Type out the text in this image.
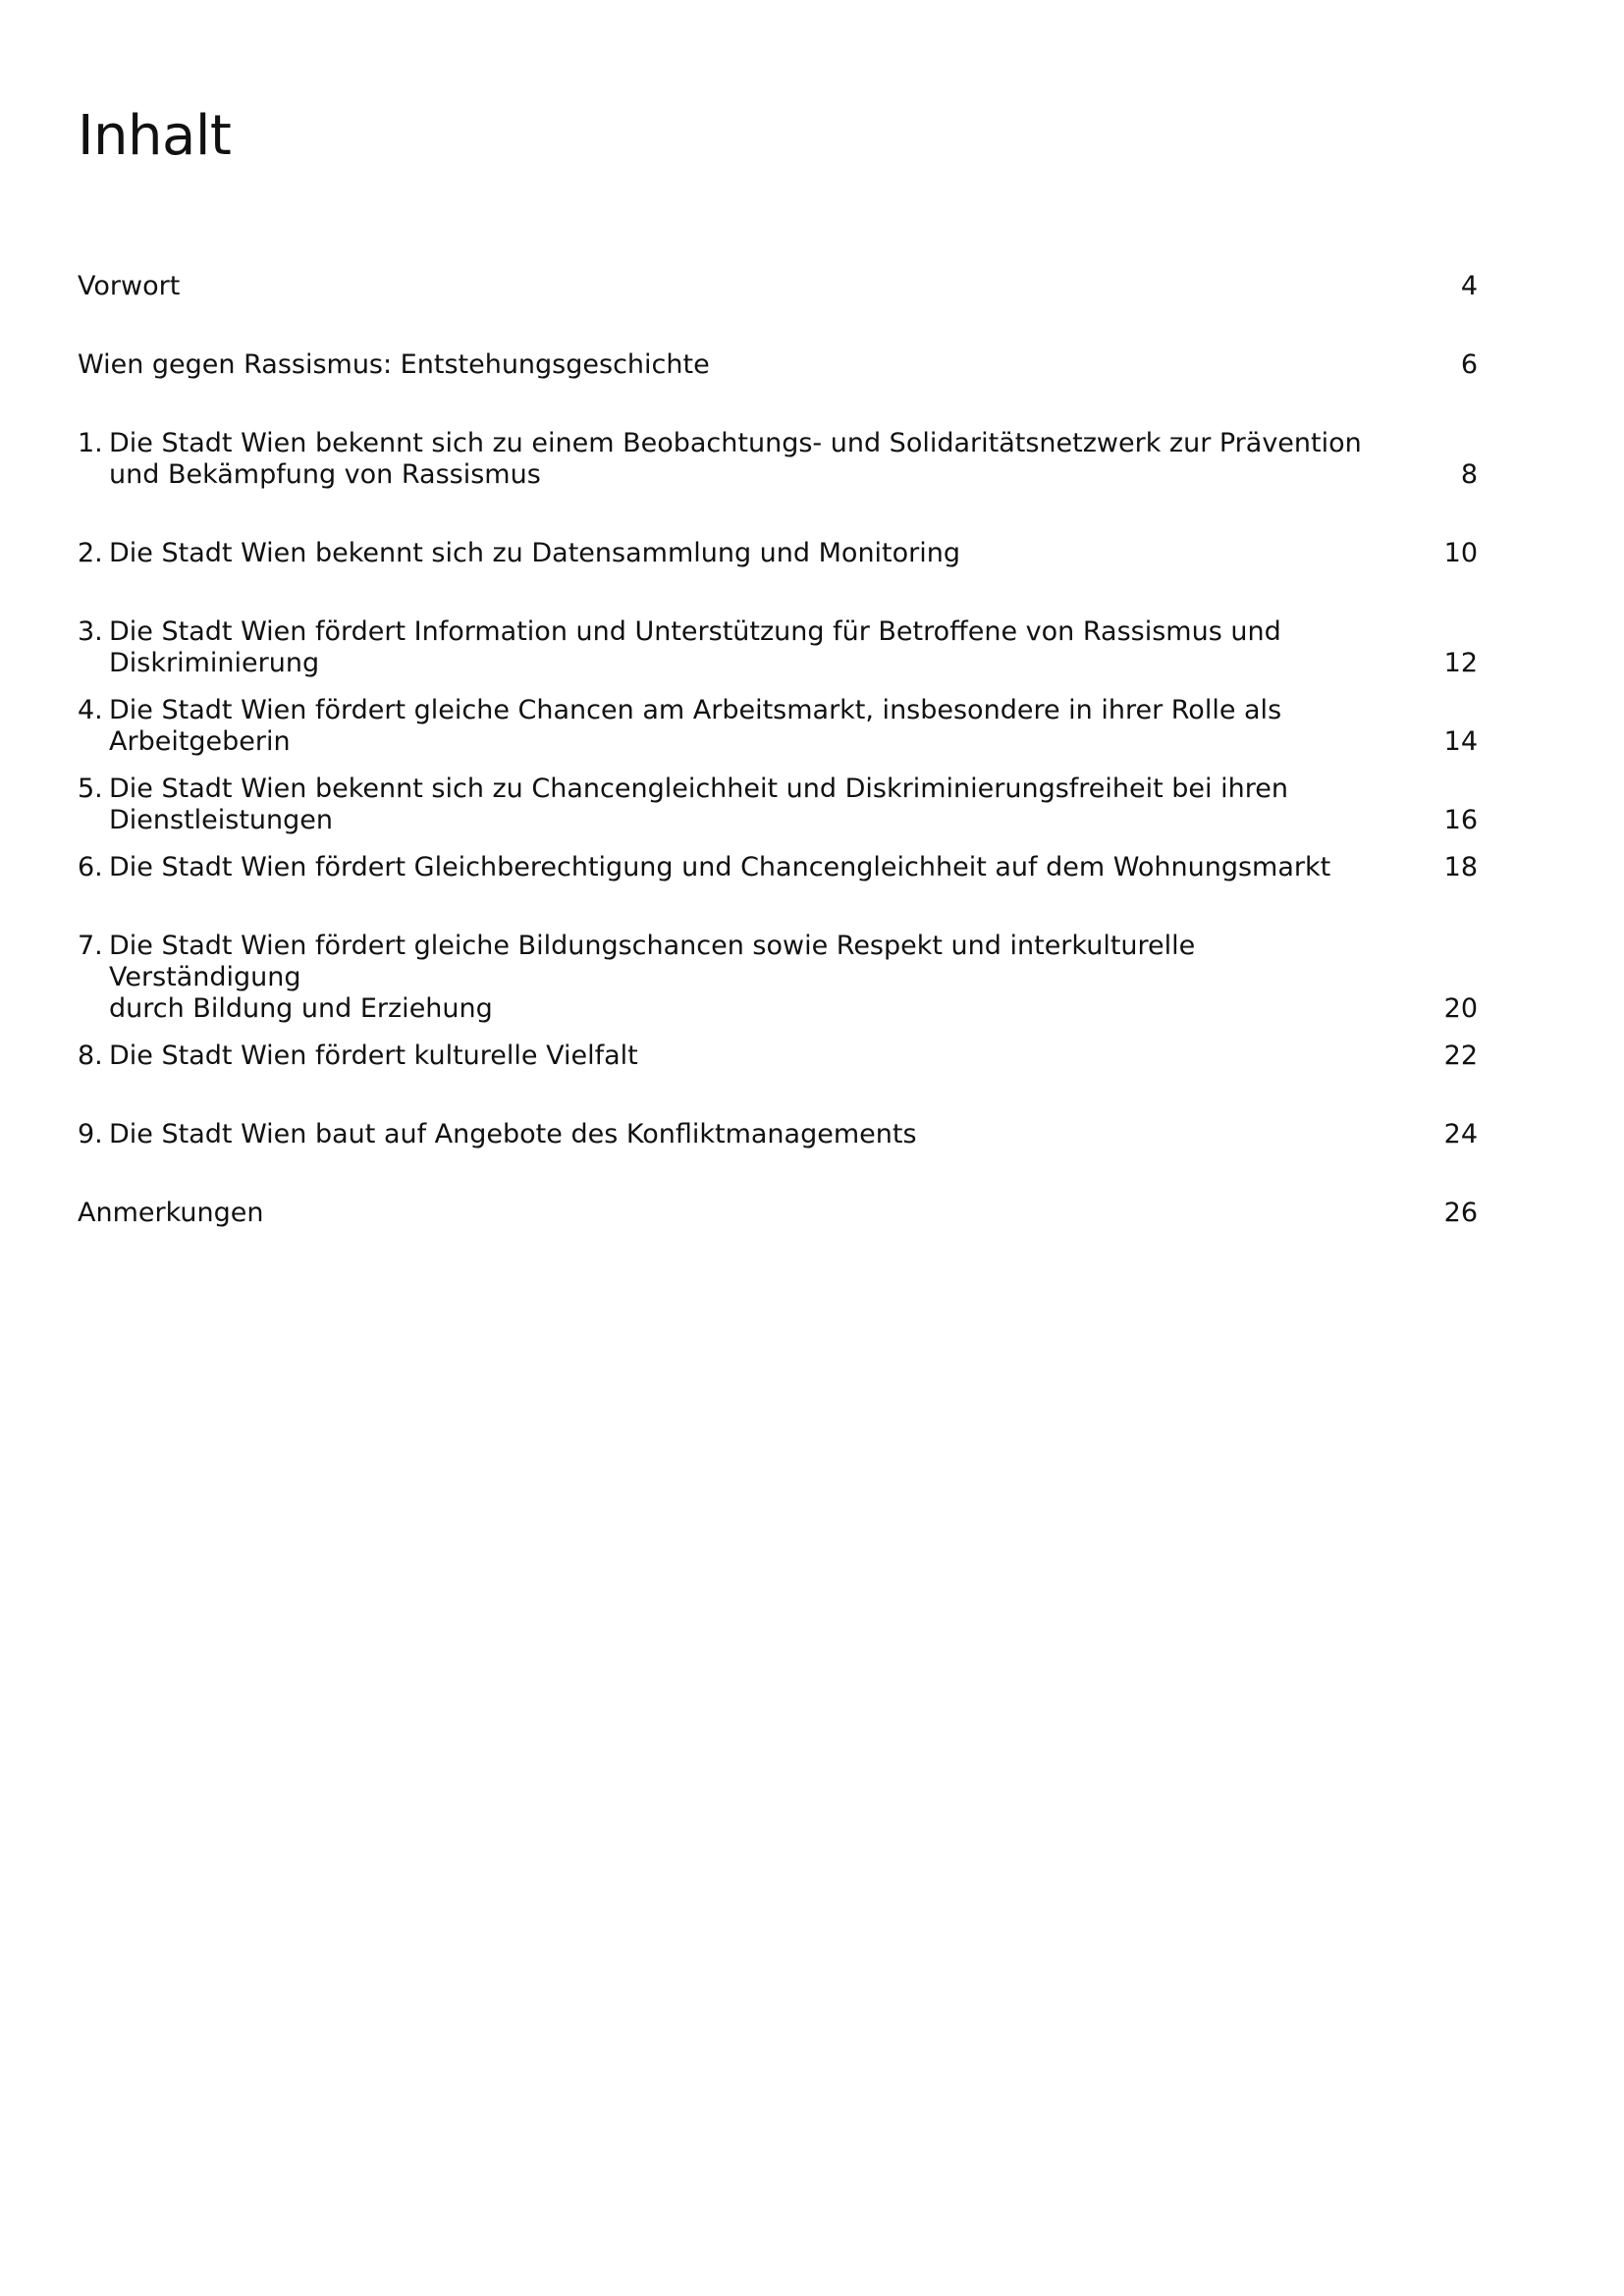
Inhalt
Vorwort	4
Wien gegen Rassismus: Entstehungsgeschichte	6
1. Die Stadt Wien bekennt sich zu einem Beobachtungs- und Solidaritätsnetzwerk zur Prävention
und Bekämpfung von Rassismus	8
2. Die Stadt Wien bekennt sich zu Datensammlung und Monitoring	10
3. Die Stadt Wien fördert Information und Unterstützung für Betroffene von Rassismus und Diskriminierung	12
4. Die Stadt Wien fördert gleiche Chancen am Arbeitsmarkt, insbesondere in ihrer Rolle als Arbeitgeberin	14
5. Die Stadt Wien bekennt sich zu Chancengleichheit und Diskriminierungsfreiheit bei ihren Dienstleistungen	16
6. Die Stadt Wien fördert Gleichberechtigung und Chancengleichheit auf dem Wohnungsmarkt	18
7. Die Stadt Wien fördert gleiche Bildungschancen sowie Respekt und interkulturelle Verständigung
durch Bildung und Erziehung	20
8. Die Stadt Wien fördert kulturelle Vielfalt	22
9. Die Stadt Wien baut auf Angebote des Konfliktmanagements	24
Anmerkungen	26
